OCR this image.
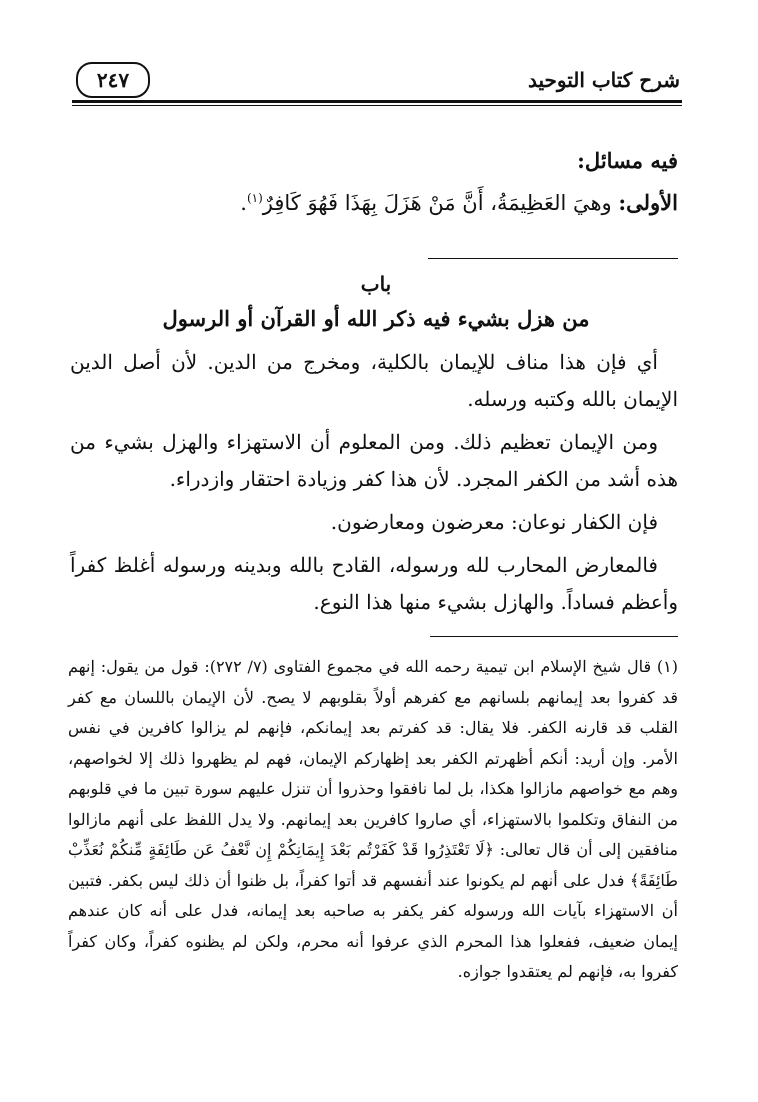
شرح كتاب التوحيد
٢٤٧
فيه مسائل:
الأولى: وهيَ العَظِيمَةُ، أَنَّ مَنْ هَزَلَ بِهَذَا فَهُوَ كَافِرٌ$^{(١)}$.
باب
من هزل بشيء فيه ذكر الله أو القرآن أو الرسول

أي فإن هذا مناف للإيمان بالكلية، ومخرج من الدين. لأن أصل الدين الإيمان بالله وكتبه ورسله.

ومن الإيمان تعظيم ذلك. ومن المعلوم أن الاستهزاء والهزل بشيء من هذه أشد من الكفر المجرد. لأن هذا كفر وزيادة احتقار وازدراء.

فإن الكفار نوعان: معرضون ومعارضون.

فالمعارض المحارب لله ورسوله، القادح بالله وبدينه ورسوله أغلظ كفراً وأعظم فساداً. والهازل بشيء منها هذا النوع.

(١) قال شيخ الإسلام ابن تيمية رحمه الله في مجموع الفتاوى (٧/ ٢٧٢): قول من يقول: إنهم قد كفروا بعد إيمانهم بلسانهم مع كفرهم أولاً بقلوبهم لا يصح. لأن الإيمان باللسان مع كفر القلب قد قارنه الكفر. فلا يقال: قد كفرتم بعد إيمانكم، فإنهم لم يزالوا كافرين في نفس الأمر. وإن أريد: أنكم أظهرتم الكفر بعد إظهاركم الإيمان، فهم لم يظهروا ذلك إلا لخواصهم، وهم مع خواصهم مازالوا هكذا، بل لما نافقوا وحذروا أن تنزل عليهم سورة تبين ما في قلوبهم من النفاق وتكلموا بالاستهزاء، أي صاروا كافرين بعد إيمانهم. ولا يدل اللفظ على أنهم مازالوا منافقين إلى أن قال تعالى: ﴿لَا تَعْتَذِرُوا قَدْ كَفَرْتُم بَعْدَ إِيمَانِكُمْ إِن نَّعْفُ عَن طَائِفَةٍ مِّنكُمْ نُعَذِّبْ طَائِفَةً﴾ فدل على أنهم لم يكونوا عند أنفسهم قد أتوا كفراً، بل ظنوا أن ذلك ليس بكفر. فتبين أن الاستهزاء بآيات الله ورسوله كفر يكفر به صاحبه بعد إيمانه، فدل على أنه كان عندهم إيمان ضعيف، ففعلوا هذا المحرم الذي عرفوا أنه محرم، ولكن لم يظنوه كفراً، وكان كفراً كفروا به، فإنهم لم يعتقدوا جوازه.
